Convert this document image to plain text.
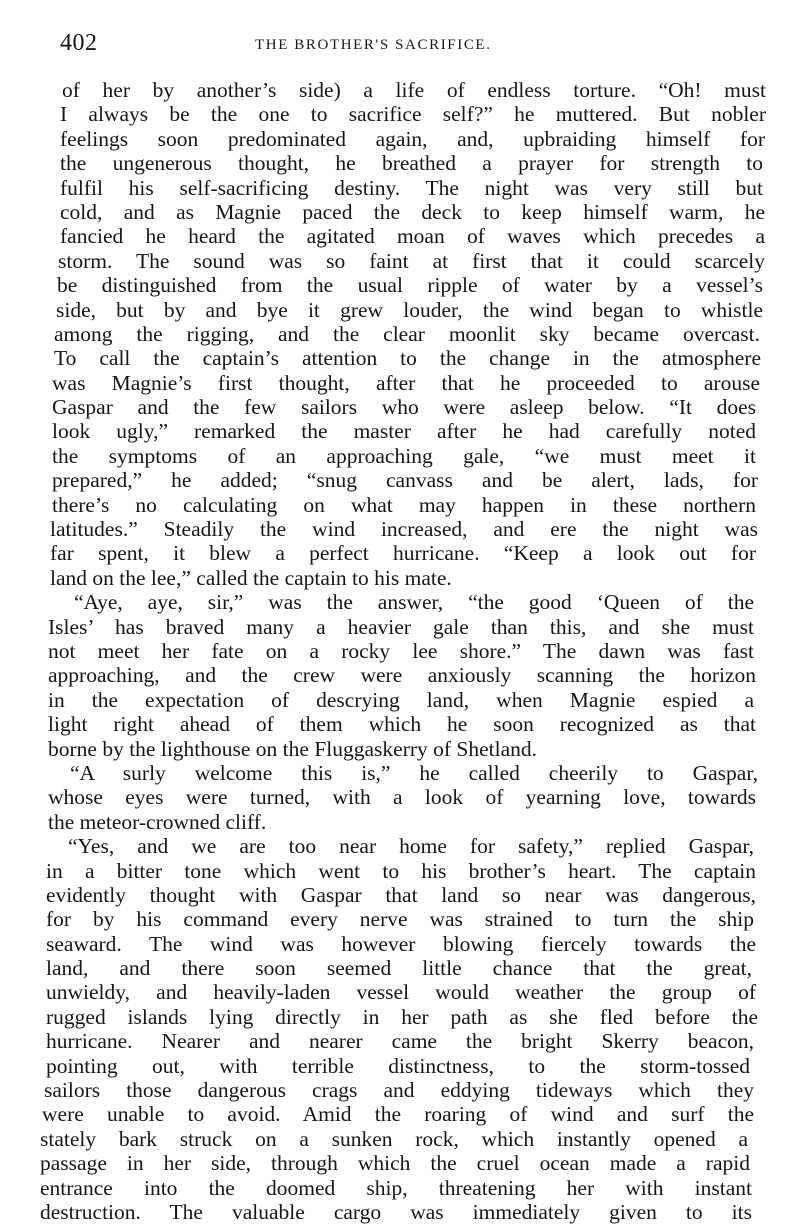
402	THE BROTHER'S SACRIFICE.
of her by another’s side) a life of endless torture. “Oh! must
I always be the one to sacrifice self?” he muttered. But nobler
feelings soon predominated again, and, upbraiding himself for
the ungenerous thought, he breathed a prayer for strength to
fulfil his self-sacrificing destiny. The night was very still but
cold, and as Magnie paced the deck to keep himself warm, he
fancied he heard the agitated moan of waves which precedes a
storm. The sound was so faint at first that it could scarcely
be distinguished from the usual ripple of water by a vessel’s
side, but by and bye it grew louder, the wind began to whistle
among the rigging, and the clear moonlit sky became overcast.
To call the captain’s attention to the change in the atmosphere
was Magnie’s first thought, after that he proceeded to arouse
Gaspar and the few sailors who were asleep below. “It does
look ugly,” remarked the master after he had carefully noted
the symptoms of an approaching gale, “we must meet it
prepared,” he added; “snug canvass and be alert, lads, for
there’s no calculating on what may happen in these northern
latitudes.” Steadily the wind increased, and ere the night was
far spent, it blew a perfect hurricane. “Keep a look out for
land on the lee,” called the captain to his mate.
“Aye, aye, sir,” was the answer, “the good ‘Queen of the
Isles’ has braved many a heavier gale than this, and she must
not meet her fate on a rocky lee shore.” The dawn was fast
approaching, and the crew were anxiously scanning the horizon
in the expectation of descrying land, when Magnie espied a
light right ahead of them which he soon recognized as that
borne by the lighthouse on the Fluggaskerry of Shetland.
“A surly welcome this is,” he called cheerily to Gaspar,
whose eyes were turned, with a look of yearning love, towards
the meteor-crowned cliff.
“Yes, and we are too near home for safety,” replied Gaspar,
in a bitter tone which went to his brother’s heart. The captain
evidently thought with Gaspar that land so near was dangerous,
for by his command every nerve was strained to turn the ship
seaward. The wind was however blowing fiercely towards the
land, and there soon seemed little chance that the great,
unwieldy, and heavily-laden vessel would weather the group of
rugged islands lying directly in her path as she fled before the
hurricane. Nearer and nearer came the bright Skerry beacon,
pointing out, with terrible distinctness, to the storm-tossed
sailors those dangerous crags and eddying tideways which they
were unable to avoid. Amid the roaring of wind and surf the
stately bark struck on a sunken rock, which instantly opened a
passage in her side, through which the cruel ocean made a rapid
entrance into the doomed ship, threatening her with instant
destruction. The valuable cargo was immediately given to its
